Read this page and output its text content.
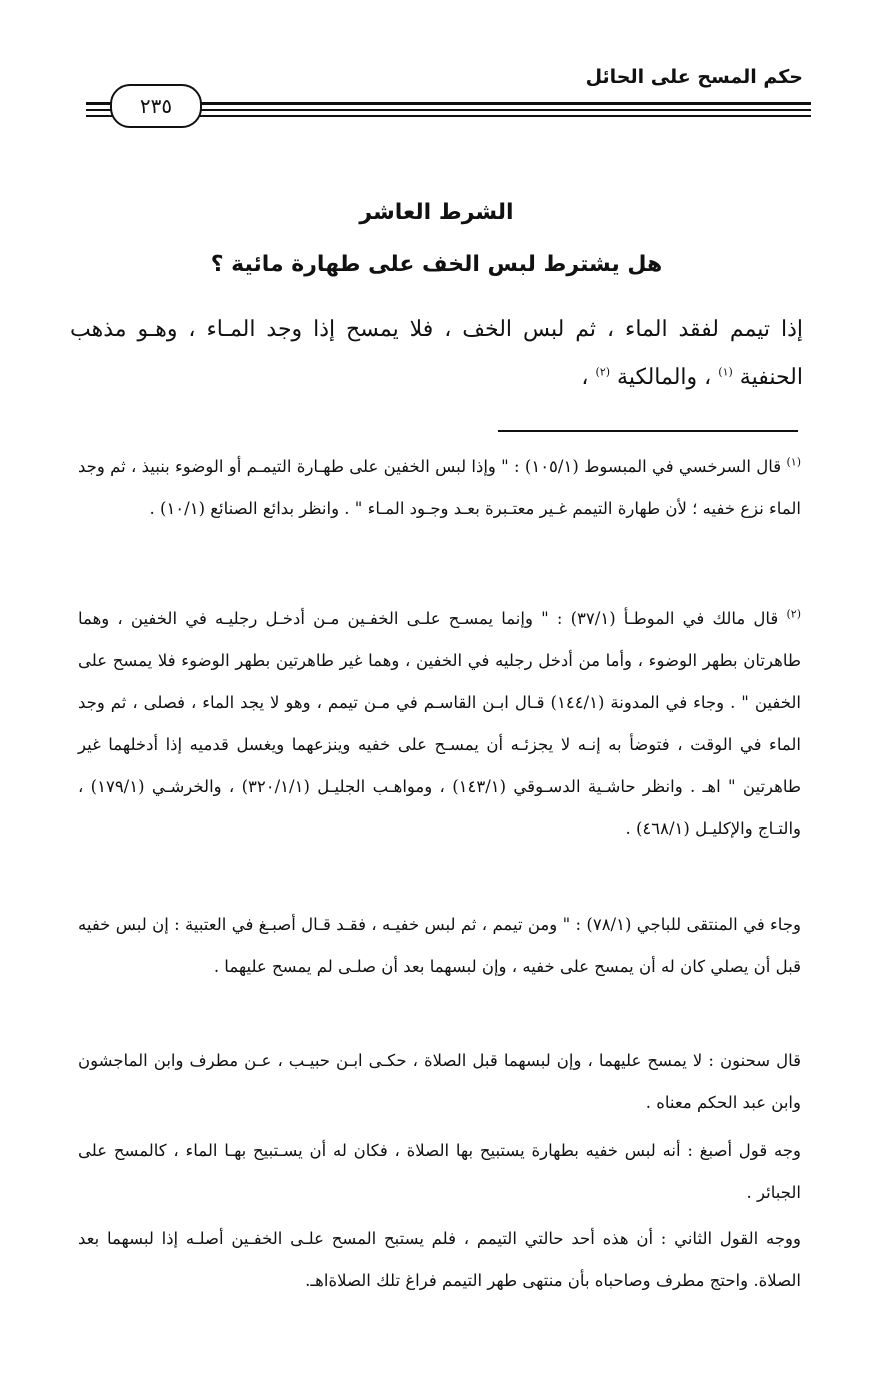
حكم المسح على الحائل
٢٣٥
الشرط العاشر
هل يشترط لبس الخف على طهارة مائية ؟
إذا تيمم لفقد الماء ، ثم لبس الخف ، فلا يمسح إذا وجد المـاء ، وهـو مذهب الحنفية $^{(١)}$ ، والمالكية $^{(٢)}$ ،
$^{(١)}$ قال السرخسي في المبسوط (١٠٥/١) : " وإذا لبس الخفين على طهـارة التيمـم أو الوضوء بنبيذ ، ثم وجد الماء نزع خفيه ؛ لأن طهارة التيمم غـير معتـبرة بعـد وجـود المـاء " . وانظر بدائع الصنائع (١٠/١) .
$^{(٢)}$ قال مالك في الموطـأ (٣٧/١) : " وإنما يمسـح علـى الخفـين مـن أدخـل رجليـه في الخفين ، وهما طاهرتان بطهر الوضوء ، وأما من أدخل رجليه في الخفين ، وهما غير طاهرتين بطهر الوضوء فلا يمسح على الخفين " . وجاء في المدونة (١٤٤/١) قـال ابـن القاسـم في مـن تيمم ، وهو لا يجد الماء ، فصلى ، ثم وجد الماء في الوقت ، فتوضأ به إنـه لا يجزئـه أن يمسـح على خفيه وينزعهما ويغسل قدميه إذا أدخلهما غير طاهرتين " اهـ . وانظر حاشـية الدسـوقي (١٤٣/١) ، ومواهـب الجليـل (٣٢٠/١/١) ، والخرشـي (١٧٩/١) ، والتـاج والإكليـل (٤٦٨/١) .
وجاء في المنتقى للباجي (٧٨/١) : " ومن تيمم ، ثم لبس خفيـه ، فقـد قـال أصبـغ في العتبية : إن لبس خفيه قبل أن يصلي كان له أن يمسح على خفيه ، وإن لبسهما بعد أن صلـى لم يمسح عليهما .
قال سحنون : لا يمسح عليهما ، وإن لبسهما قبل الصلاة ، حكـى ابـن حبيـب ، عـن مطرف وابن الماجشون وابن عبد الحكم معناه .
وجه قول أصبغ : أنه لبس خفيه بطهارة يستبيح بها الصلاة ، فكان له أن يسـتبيح بهـا الماء ، كالمسح على الجبائر .
ووجه القول الثاني : أن هذه أحد حالتي التيمم ، فلم يستبح المسح علـى الخفـين أصلـه إذا لبسهما بعد الصلاة. واحتج مطرف وصاحباه بأن منتهى طهر التيمم فراغ تلك الصلاةاهـ.
